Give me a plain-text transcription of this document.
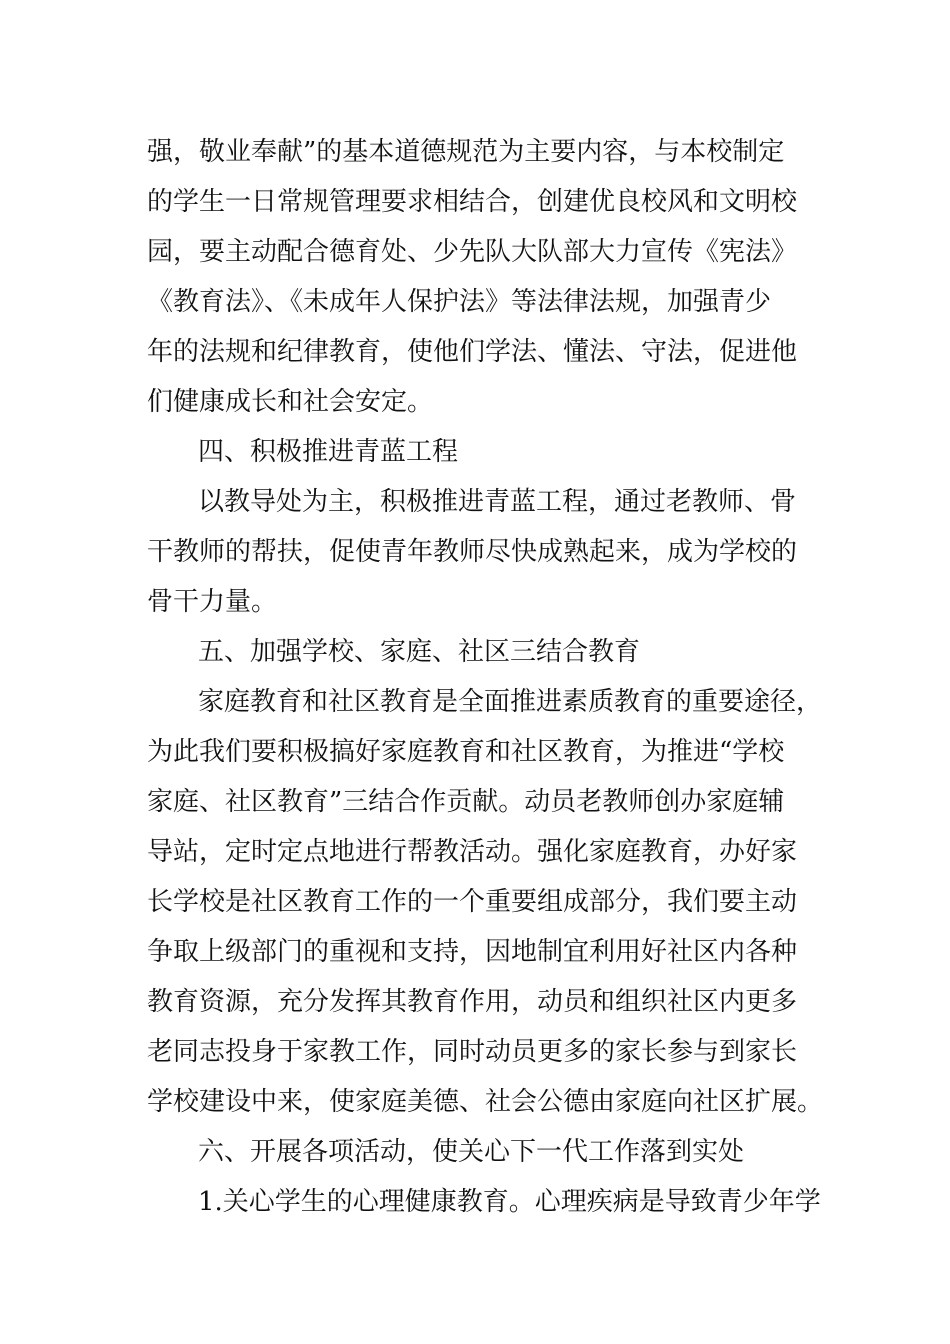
强，敬业奉献”的基本道德规范为主要内容，与本校制定
的学生一日常规管理要求相结合，创建优良校风和文明校
园，要主动配合德育处、少先队大队部大力宣传《宪法》
《教育法》、《未成年人保护法》等法律法规，加强青少
年的法规和纪律教育，使他们学法、懂法、守法，促进他
们健康成长和社会安定。
四、积极推进青蓝工程
以教导处为主，积极推进青蓝工程，通过老教师、骨
干教师的帮扶，促使青年教师尽快成熟起来，成为学校的
骨干力量。
五、加强学校、家庭、社区三结合教育
家庭教育和社区教育是全面推进素质教育的重要途径，
为此我们要积极搞好家庭教育和社区教育，为推进“学校
家庭、社区教育”三结合作贡献。动员老教师创办家庭辅
导站，定时定点地进行帮教活动。强化家庭教育，办好家
长学校是社区教育工作的一个重要组成部分，我们要主动
争取上级部门的重视和支持，因地制宜利用好社区内各种
教育资源，充分发挥其教育作用，动员和组织社区内更多
老同志投身于家教工作，同时动员更多的家长参与到家长
学校建设中来，使家庭美德、社会公德由家庭向社区扩展。
六、开展各项活动，使关心下一代工作落到实处
1.关心学生的心理健康教育。心理疾病是导致青少年学
